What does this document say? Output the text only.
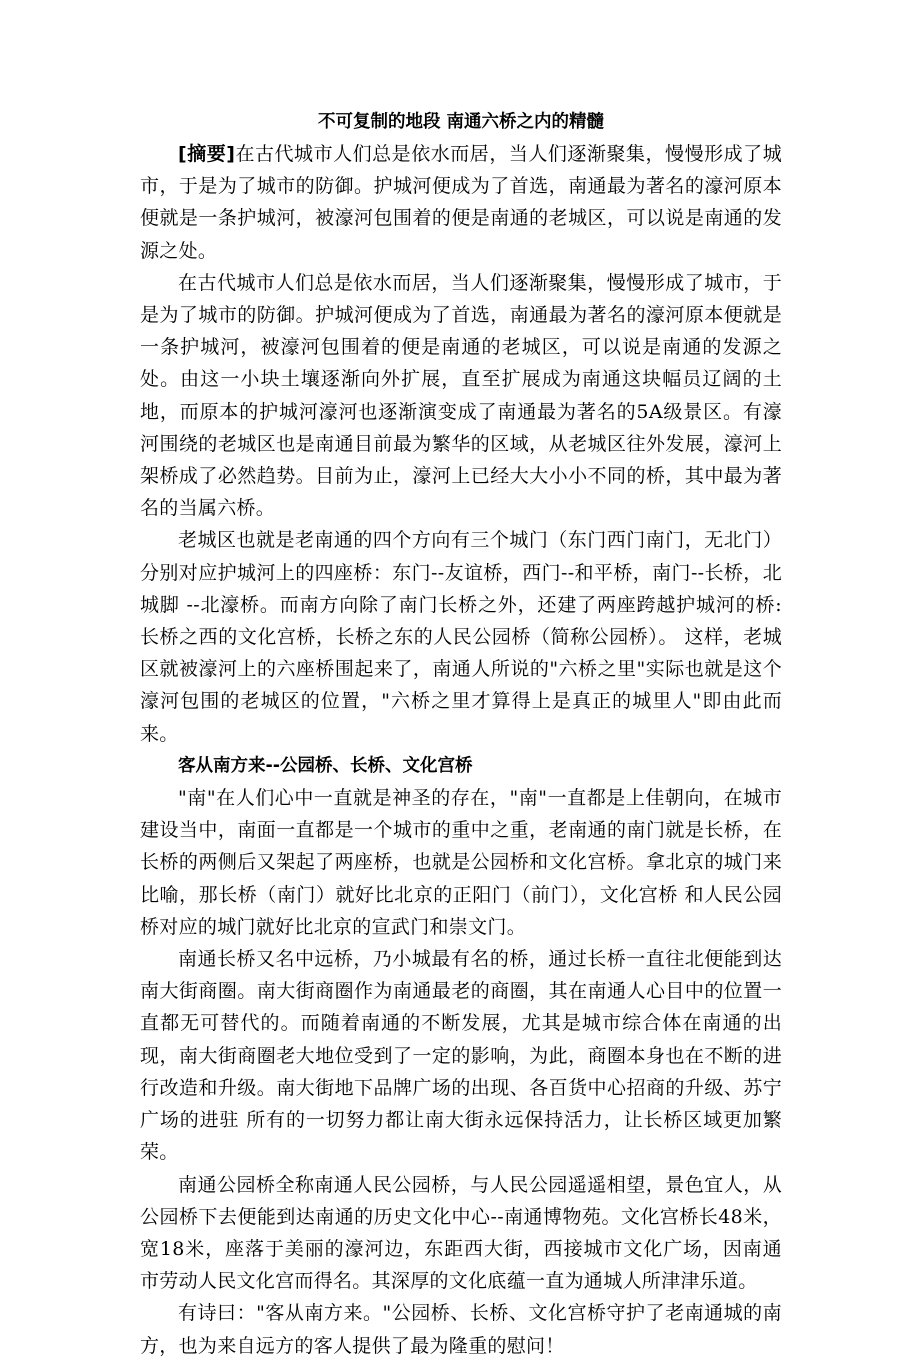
不可复制的地段 南通六桥之内的精髓

[摘要]在古代城市人们总是依水而居，当人们逐渐聚集，慢慢形成了城市，于是为了城市的防御。护城河便成为了首选，南通最为著名的濠河原本便就是一条护城河，被濠河包围着的便是南通的老城区，可以说是南通的发源之处。

在古代城市人们总是依水而居，当人们逐渐聚集，慢慢形成了城市，于是为了城市的防御。护城河便成为了首选，南通最为著名的濠河原本便就是一条护城河，被濠河包围着的便是南通的老城区，可以说是南通的发源之处。由这一小块土壤逐渐向外扩展，直至扩展成为南通这块幅员辽阔的土地，而原本的护城河濠河也逐渐演变成了南通最为著名的5A级景区。有濠河围绕的老城区也是南通目前最为繁华的区域，从老城区往外发展，濠河上架桥成了必然趋势。目前为止，濠河上已经大大小小不同的桥，其中最为著名的当属六桥。

老城区也就是老南通的四个方向有三个城门（东门西门南门，无北门）分别对应护城河上的四座桥：东门--友谊桥，西门--和平桥，南门--长桥，北城脚 --北濠桥。而南方向除了南门长桥之外，还建了两座跨越护城河的桥: 长桥之西的文化宫桥，长桥之东的人民公园桥（简称公园桥）。 这样，老城区就被濠河上的六座桥围起来了，南通人所说的"六桥之里"实际也就是这个濠河包围的老城区的位置，"六桥之里才算得上是真正的城里人"即由此而来。

客从南方来--公园桥、长桥、文化宫桥

"南"在人们心中一直就是神圣的存在，"南"一直都是上佳朝向，在城市建设当中，南面一直都是一个城市的重中之重，老南通的南门就是长桥，在长桥的两侧后又架起了两座桥，也就是公园桥和文化宫桥。拿北京的城门来比喻，那长桥（南门）就好比北京的正阳门（前门），文化宫桥 和人民公园桥对应的城门就好比北京的宣武门和崇文门。

南通长桥又名中远桥，乃小城最有名的桥，通过长桥一直往北便能到达南大街商圈。南大街商圈作为南通最老的商圈，其在南通人心目中的位置一直都无可替代的。而随着南通的不断发展，尤其是城市综合体在南通的出现，南大街商圈老大地位受到了一定的影响，为此，商圈本身也在不断的进行改造和升级。南大街地下品牌广场的出现、各百货中心招商的升级、苏宁广场的进驻 所有的一切努力都让南大街永远保持活力，让长桥区域更加繁荣。

南通公园桥全称南通人民公园桥，与人民公园遥遥相望，景色宜人，从公园桥下去便能到达南通的历史文化中心--南通博物苑。文化宫桥长48米，宽18米，座落于美丽的濠河边，东距西大街，西接城市文化广场，因南通市劳动人民文化宫而得名。其深厚的文化底蕴一直为通城人所津津乐道。

有诗曰："客从南方来。"公园桥、长桥、文化宫桥守护了老南通城的南方，也为来自远方的客人提供了最为隆重的慰问！
